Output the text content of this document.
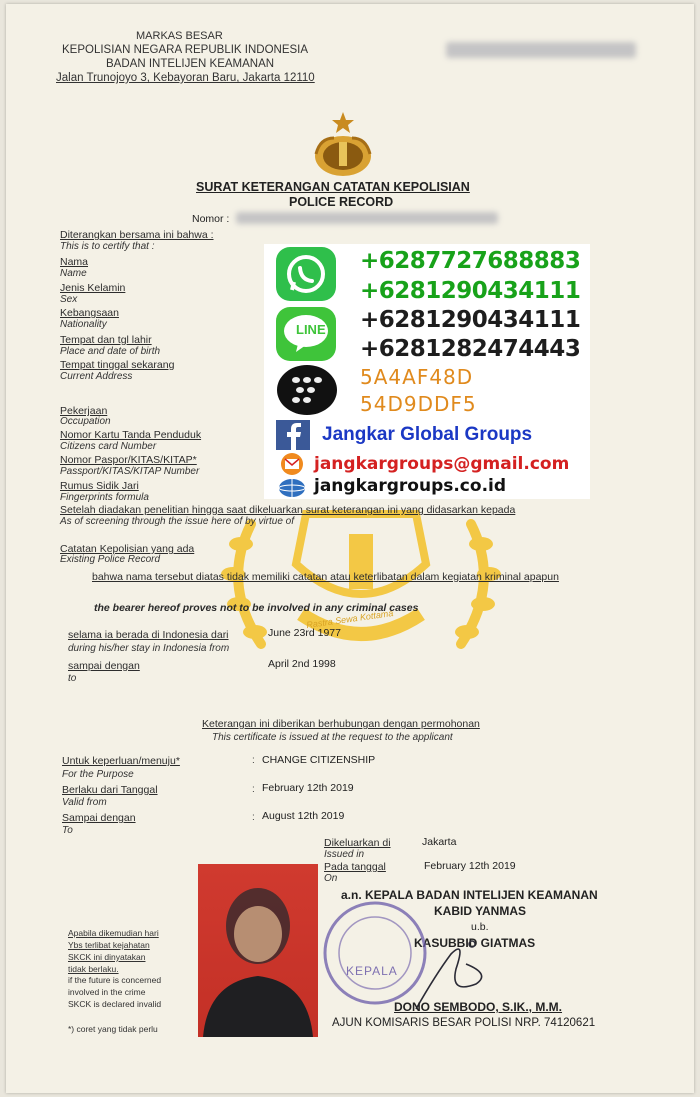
MARKAS BESAR
KEPOLISIAN NEGARA REPUBLIK INDONESIA
BADAN INTELIJEN KEAMANAN
Jalan Trunojoyo 3, Kebayoran Baru, Jakarta 12110
SURAT KETERANGAN CATATAN KEPOLISIAN
POLICE RECORD
Nomor :
Diterangkan bersama ini bahwa :
This is to certify that :
Nama
Name
Jenis Kelamin
Sex
Kebangsaan
Nationality
Tempat dan tgl lahir
Place and date of birth
Tempat tinggal sekarang
Current Address
Pekerjaan
Occupation
Nomor Kartu Tanda Penduduk
Citizens card Number
Nomor Paspor/KITAS/KITAP*
Passport/KITAS/KITAP Number
Rumus Sidik Jari
Fingerprints formula
Rastra Sewa Kottama
Setelah diadakan penelitian hingga saat dikeluarkan surat keterangan ini yang didasarkan kepada
As of screening through the issue here of by virtue of
Catatan Kepolisian yang ada
Existing Police Record
bahwa nama tersebut diatas tidak memiliki catatan atau keterlibatan dalam kegiatan kriminal apapun
the bearer hereof proves not to be involved in any criminal cases
selama ia berada di Indonesia dari
during his/her stay in Indonesia from
June 23rd 1977
sampai dengan
to
April 2nd 1998
Keterangan ini diberikan berhubungan dengan permohonan
This certificate is issued at the request to the applicant
Untuk keperluan/menuju*
For the Purpose
: CHANGE CITIZENSHIP
Berlaku dari Tanggal
Valid from
: February 12th 2019
Sampai dengan
To
: August 12th 2019
Dikeluarkan di
Issued in
Jakarta
Pada tanggal
On
February 12th 2019
a.n. KEPALA BADAN INTELIJEN KEAMANAN
KABID YANMAS
u.b.
KASUBBID GIATMAS
KEPALA
DONO SEMBODO, S.IK., M.M.
AJUN KOMISARIS BESAR POLISI NRP. 74120621
Apabila dikemudian hari
Ybs terlibat kejahatan
SKCK ini dinyatakan
tidak berlaku.
if the future is concerned
involved in the crime
SKCK is declared invalid
*) coret yang tidak perlu
LINE
+6287727688883
+6281290434111
+6281290434111
+6281282474443
5A4AF48D
54D9DDF5
Jangkar Global Groups
jangkargroups@gmail.com
jangkargroups.co.id
